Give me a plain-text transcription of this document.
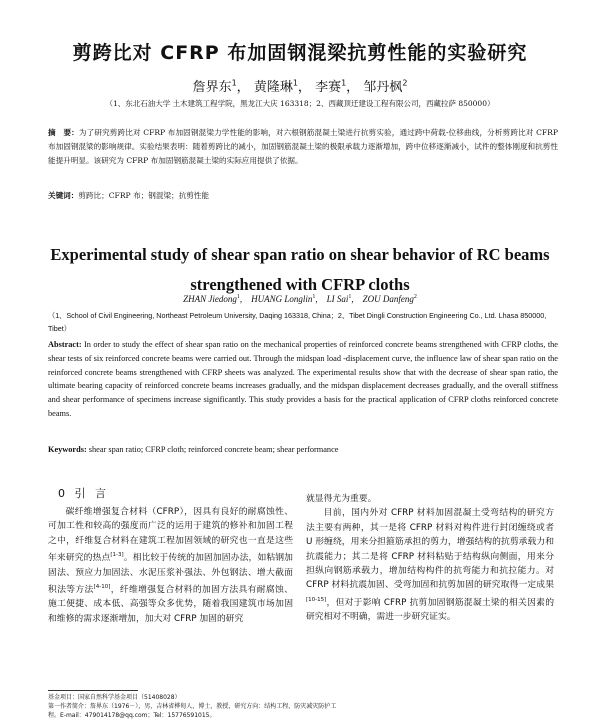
剪跨比对 CFRP 布加固钢混梁抗剪性能的实验研究
詹界东$^1$， 黄隆琳$^1$， 李赛$^1$， 邹丹枫$^2$
（1、东北石油大学 土木建筑工程学院，黑龙江大庆 163318；2、西藏顶迁建设工程有限公司，西藏拉萨 850000）
摘　要：为了研究剪跨比对 CFRP 布加固钢混梁力学性能的影响，对六根钢筋混凝土梁进行抗剪实验，通过跨中荷载-位移曲线，分析剪跨比对 CFRP 布加固钢混梁的影响规律。实验结果表明：随着剪跨比的减小，加固钢筋混凝土梁的极限承载力逐渐增加，跨中位移逐渐减小，试件的整体刚度和抗剪性能提升明显。该研究为 CFRP 布加固钢筋混凝土梁的实际应用提供了依据。
关键词：剪跨比；CFRP 布；钢混梁；抗剪性能
Experimental study of shear span ratio on shear behavior of RC beams
strengthened with CFRP cloths
ZHAN Jiedong$^1$,    HUANG Longlin$^1$,    LI Sai$^1$,    ZOU Danfeng$^2$
（1、School of Civil Engineering, Northeast Petroleum University, Daqing 163318, China；2、Tibet Dingli Construction Engineering Co., Ltd. Lhasa 850000, Tibet）
Abstract: In order to study the effect of shear span ratio on the mechanical properties of reinforced concrete beams strengthened with CFRP cloths, the shear tests of six reinforced concrete beams were carried out. Through the midspan load -displacement curve, the influence law of shear span ratio on the reinforced concrete beams strengthened with CFRP sheets was analyzed. The experimental results show that with the decrease of shear span ratio, the ultimate bearing capacity of reinforced concrete beams increases gradually, and the midspan displacement decreases gradually, and the overall stiffness and shear performance of specimens increase significantly. This study provides a basis for the practical application of CFRP cloths reinforced concrete beams.
Keywords: shear span ratio; CFRP cloth; reinforced concrete beam; shear performance
0 引 言

碳纤维增强复合材料（CFRP），因具有良好的耐腐蚀性、可加工性和较高的强度而广泛的运用于建筑的修补和加固工程之中，纤维复合材料在建筑工程加固领域的研究也一直是这些年来研究的热点[1-3]。相比较于传统的加固加固办法，如粘钢加固法、预应力加固法、水泥压浆补强法、外包钢法、增大截面积法等方法[4-10]，纤维增强复合材料的加固方法具有耐腐蚀、施工便捷、成本低、高强等众多优势，随着我国建筑市场加固和维修的需求逐渐增加，加大对 CFRP 加固的研究

就显得尤为重要。

目前，国内外对 CFRP 材料加固混凝土受弯结构的研究方法主要有两种，其一是将 CFRP 材料对构件进行封闭缠绕或者 U 形缠绕，用来分担箍筋承担的剪力，增强结构的抗剪承载力和抗震能力；其二是将 CFRP 材料粘贴于结构纵向侧面，用来分担纵向钢筋承载力，增加结构构件的抗弯能力和抗拉能力。对 CFRP 材料抗震加固、受弯加固和抗剪加固的研究取得一定成果[10-15]，但对于影响 CFRP 抗剪加固钢筋混凝土梁的相关因素的研究相对不明确，需进一步研究证实。

基金项目：国家自然科学基金项目（51408028）
第一作者简介：詹界东（1976－），男，吉林省桦甸人，博士，教授，研究方向：结构工程，防灾减灾防护工
程。E-mail：479014178@qq.com；Tel：15776591015。
